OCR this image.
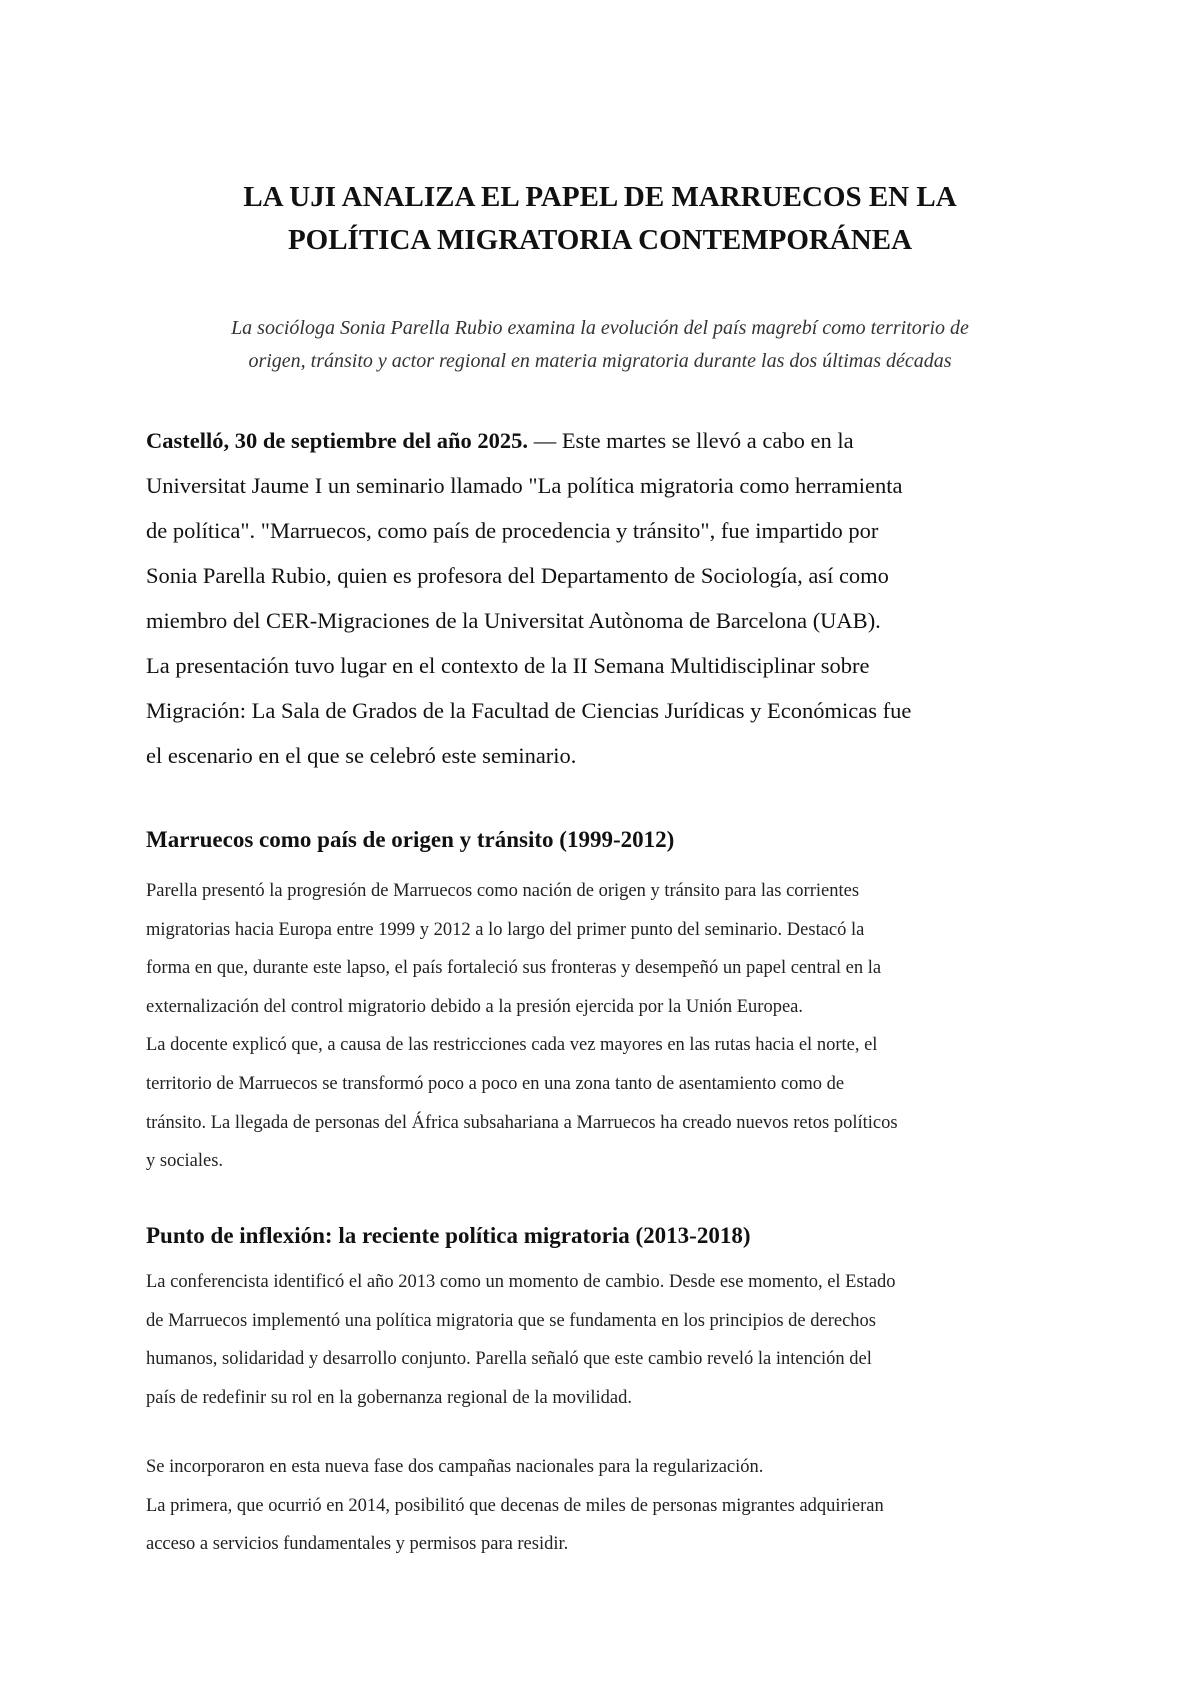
LA UJI ANALIZA EL PAPEL DE MARRUECOS EN LA
POLÍTICA MIGRATORIA CONTEMPORÁNEA
La socióloga Sonia Parella Rubio examina la evolución del país magrebí como territorio de
origen, tránsito y actor regional en materia migratoria durante las dos últimas décadas
Castelló, 30 de septiembre del año 2025. — Este martes se llevó a cabo en la
Universitat Jaume I un seminario llamado "La política migratoria como herramienta
de política". "Marruecos, como país de procedencia y tránsito", fue impartido por
Sonia Parella Rubio, quien es profesora del Departamento de Sociología, así como
miembro del CER-Migraciones de la Universitat Autònoma de Barcelona (UAB).
La presentación tuvo lugar en el contexto de la II Semana Multidisciplinar sobre
Migración: La Sala de Grados de la Facultad de Ciencias Jurídicas y Económicas fue
el escenario en el que se celebró este seminario.
Marruecos como país de origen y tránsito (1999-2012)
Parella presentó la progresión de Marruecos como nación de origen y tránsito para las corrientes
migratorias hacia Europa entre 1999 y 2012 a lo largo del primer punto del seminario. Destacó la
forma en que, durante este lapso, el país fortaleció sus fronteras y desempeñó un papel central en la
externalización del control migratorio debido a la presión ejercida por la Unión Europea.
La docente explicó que, a causa de las restricciones cada vez mayores en las rutas hacia el norte, el
territorio de Marruecos se transformó poco a poco en una zona tanto de asentamiento como de
tránsito. La llegada de personas del África subsahariana a Marruecos ha creado nuevos retos políticos
y sociales.
Punto de inflexión: la reciente política migratoria (2013-2018)
La conferencista identificó el año 2013 como un momento de cambio. Desde ese momento, el Estado
de Marruecos implementó una política migratoria que se fundamenta en los principios de derechos
humanos, solidaridad y desarrollo conjunto. Parella señaló que este cambio reveló la intención del
país de redefinir su rol en la gobernanza regional de la movilidad.
Se incorporaron en esta nueva fase dos campañas nacionales para la regularización.
La primera, que ocurrió en 2014, posibilitó que decenas de miles de personas migrantes adquirieran
acceso a servicios fundamentales y permisos para residir.
